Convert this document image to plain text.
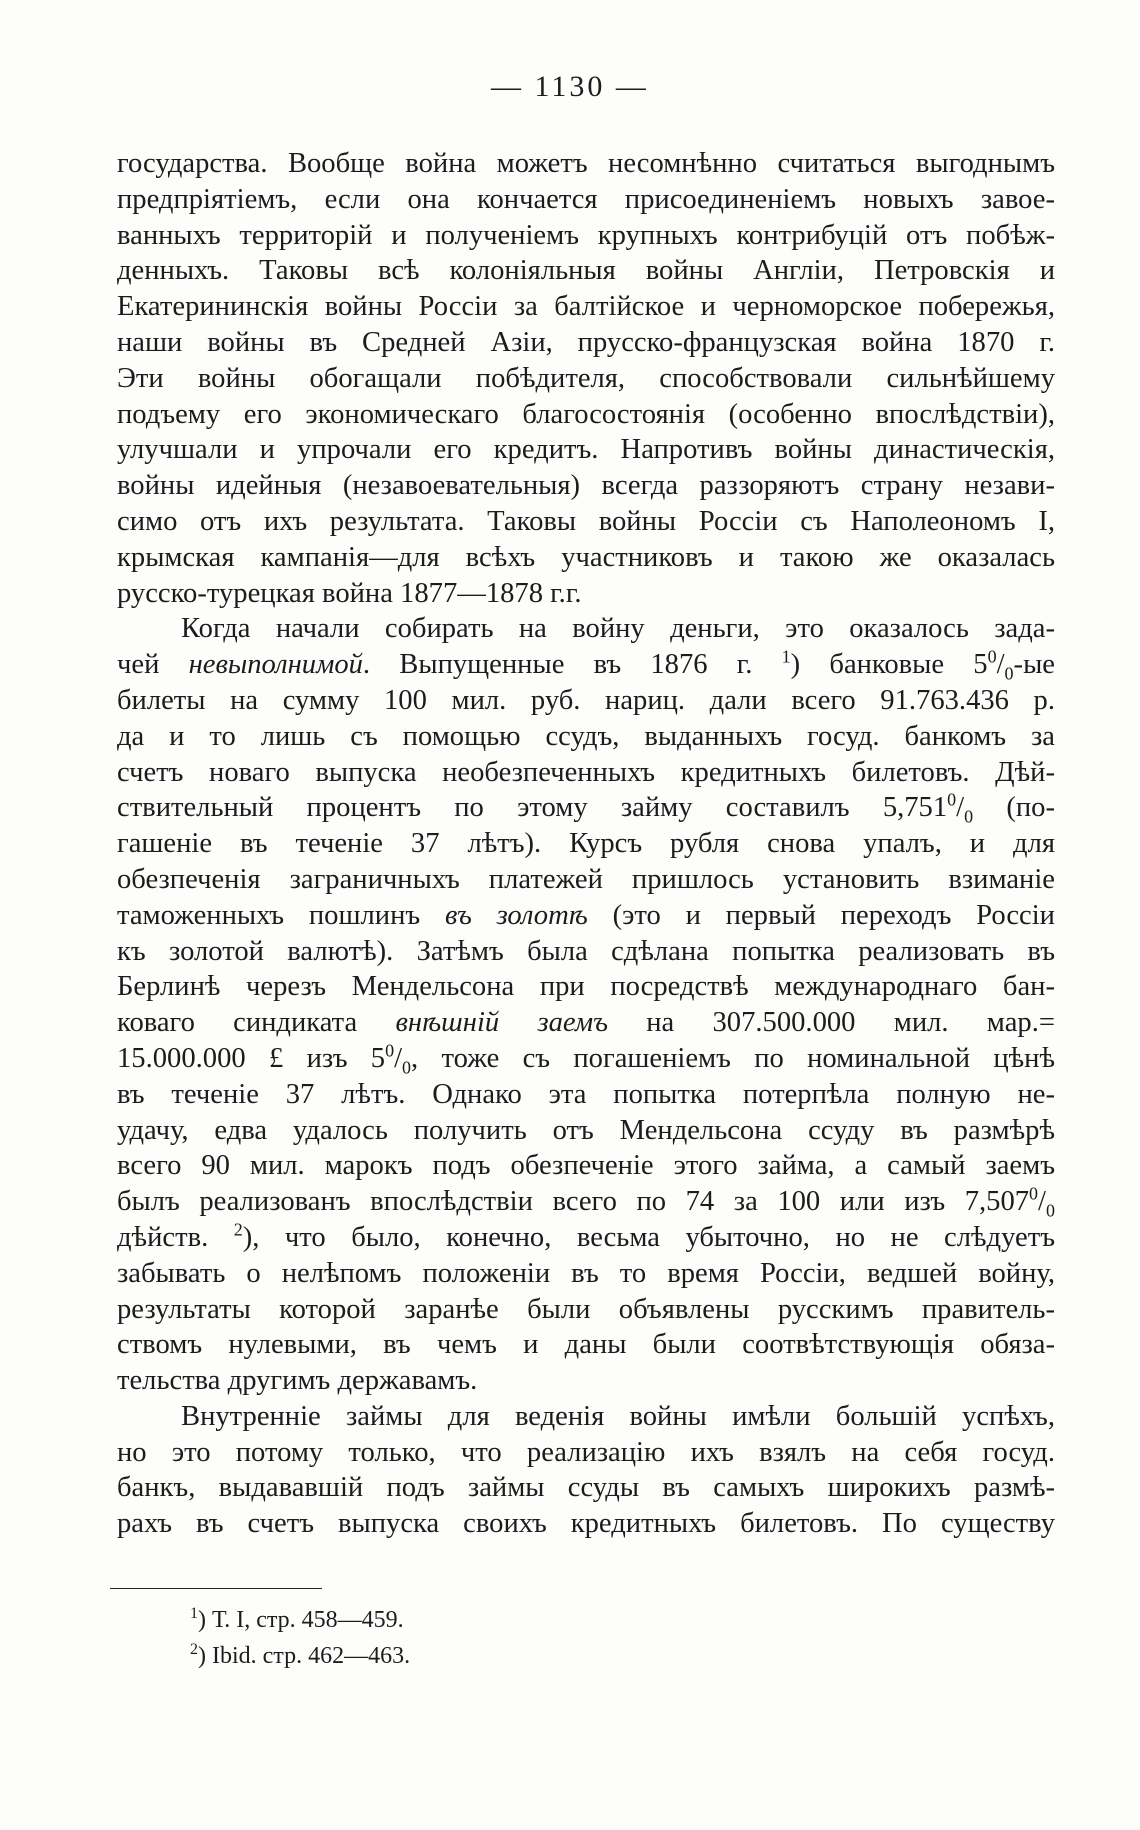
— 1130 —
государства. Вообще война можетъ несомнѣнно считаться выгоднымъ
предпріятіемъ, если она кончается присоединеніемъ новыхъ завое-
ванныхъ территорій и полученіемъ крупныхъ контрибуцій отъ побѣж-
денныхъ. Таковы всѣ колоніяльныя войны Англіи, Петровскія и
Екатерининскія войны Россіи за балтійское и черноморское побережья,
наши войны въ Средней Азіи, прусско-французская война 1870 г.
Эти войны обогащали побѣдителя, способствовали сильнѣйшему
подъему его экономическаго благосостоянія (особенно впослѣдствіи),
улучшали и упрочали его кредитъ. Напротивъ войны династическія,
войны идейныя (незавоевательныя) всегда раззоряютъ страну незави-
симо отъ ихъ результата. Таковы войны Россіи съ Наполеономъ I,
крымская кампанія—для всѣхъ участниковъ и такою же оказалась
русско-турецкая война 1877—1878 г.г.
Когда начали собирать на войну деньги, это оказалось зада-
чей невыполнимой. Выпущенные въ 1876 г. $^1$) банковые $5^0/_0-ые$
билеты на сумму 100 мил. руб. нариц. дали всего 91.763.436 р.
да и то лишь съ помощью ссудъ, выданныхъ госуд. банкомъ за
счетъ новаго выпуска необезпеченныхъ кредитныхъ билетовъ. Дѣй-
ствительный процентъ по этому займу составилъ $5,751^0/_0$ (по-
гашеніе въ теченіе 37 лѣтъ). Курсъ рубля снова упалъ, и для
обезпеченія заграничныхъ платежей пришлось установить взиманіе
таможенныхъ пошлинъ въ золотѣ (это и первый переходъ Россіи
къ золотой валютѣ). Затѣмъ была сдѣлана попытка реализовать въ
Берлинѣ черезъ Мендельсона при посредствѣ международнаго бан-
коваго синдиката внѣшній заемъ на 307.500.000 мил. мар.=
15.000.000 £ изъ $5^0/_0$, тоже съ погашеніемъ по номинальной цѣнѣ
въ теченіе 37 лѣтъ. Однако эта попытка потерпѣла полную не-
удачу, едва удалось получить отъ Мендельсона ссуду въ размѣрѣ
всего 90 мил. марокъ подъ обезпеченіе этого займа, а самый заемъ
былъ реализованъ впослѣдствіи всего по 74 за 100 или изъ $7,507^0/_0$
дѣйств. $^2$), что было, конечно, весьма убыточно, но не слѣдуетъ
забывать о нелѣпомъ положеніи въ то время Россіи, ведшей войну,
результаты которой заранѣе были объявлены русскимъ правитель-
ствомъ нулевыми, въ чемъ и даны были соотвѣтствующія обяза-
тельства другимъ державамъ.
Внутренніе займы для веденія войны имѣли большій успѣхъ,
но это потому только, что реализацію ихъ взялъ на себя госуд.
банкъ, выдававшій подъ займы ссуды въ самыхъ широкихъ размѣ-
рахъ въ счетъ выпуска своихъ кредитныхъ билетовъ. По существу
$^1$) Т. I, стр. 458—459.
$^2$) Ibid. стр. 462—463.
